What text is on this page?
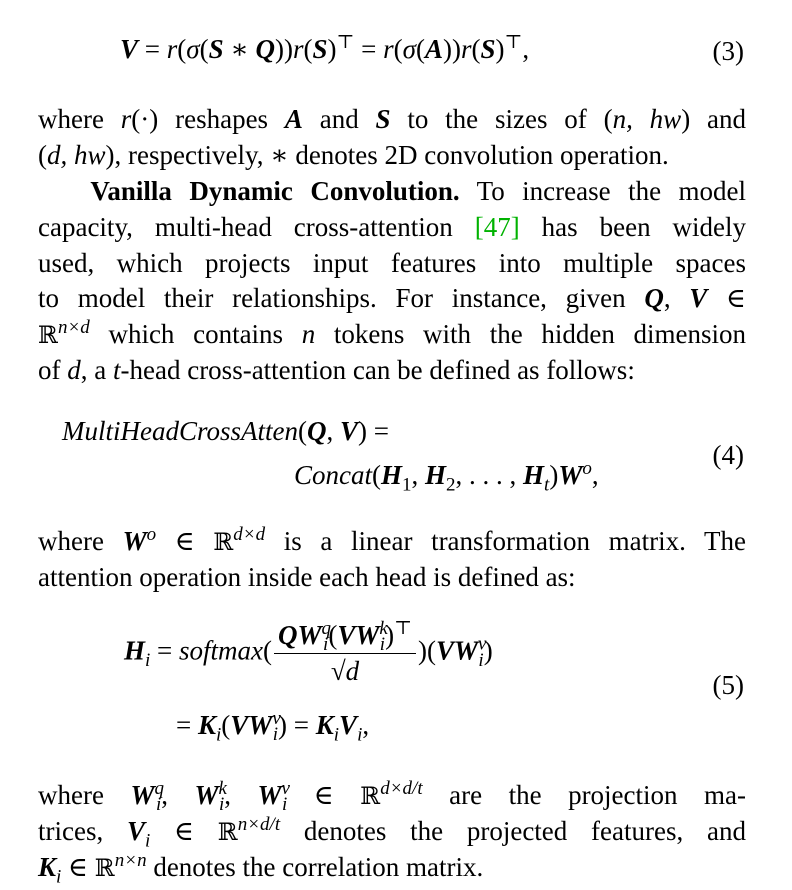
V = r(σ(S ∗ Q))r(S)⊤ = r(σ(A))r(S)⊤,	(3)
where r(·) reshapes A and S to the sizes of (n, hw) and
(d, hw), respectively, ∗ denotes 2D convolution operation.
Vanilla Dynamic Convolution. To increase the model
capacity, multi-head cross-attention [47] has been widely
used, which projects input features into multiple spaces
to model their relationships. For instance, given Q, V ∈
ℝ$^{n\times d}$ which contains n tokens with the hidden dimension
of d, a t-head cross-attention can be defined as follows:
MultiHeadCrossAtten(Q, V) =
$Concat(H_1$, $H_2$, . . . , $H_t)W^o$,
(4)
where $W^o$ ∈ ℝ$^{d\times d}$ is a linear transformation matrix. The
attention operation inside each head is defined as:
$H_i$ = softmax( $\frac{QW^q_i(VW^k_i)^⊤}{√d} )(VW^v_i)$
= $K_i(VW^v_i) = K_iV_i$,
(5)
where $W^q_i$, $W^k_i$, $W^v_i$ ∈ ℝ$^{d\times d/t}$ are the projection ma-
trices, $V_i$ ∈ ℝ$^{n\times d/t}$ denotes the projected features, and
$K_i$ ∈ ℝ$^{n\times n}$ denotes the correlation matrix.
